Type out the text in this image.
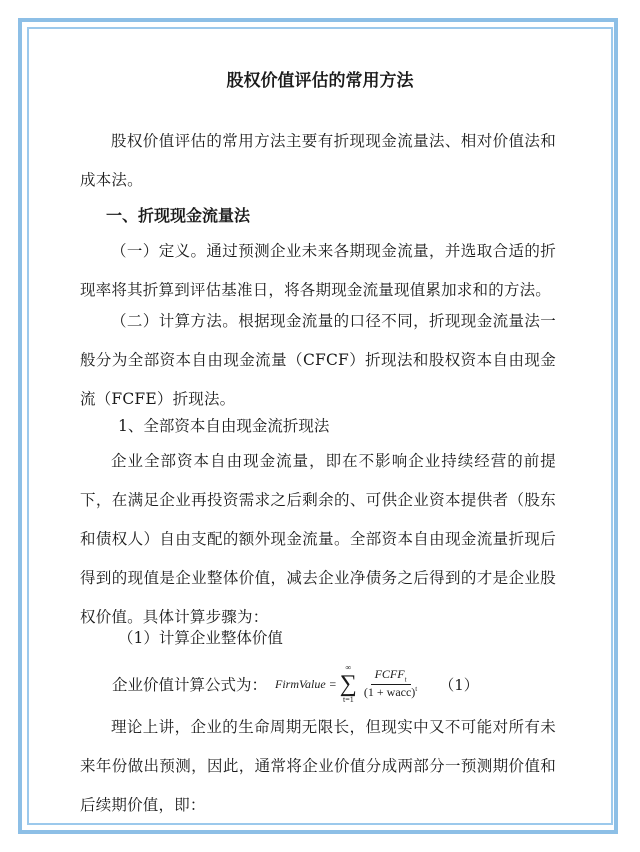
股权价值评估的常用方法
股权价值评估的常用方法主要有折现现金流量法、相对价值法和成本法。
一、折现现金流量法
（一）定义。通过预测企业未来各期现金流量，并选取合适的折现率将其折算到评估基准日，将各期现金流量现值累加求和的方法。
（二）计算方法。根据现金流量的口径不同，折现现金流量法一般分为全部资本自由现金流量（CFCF）折现法和股权资本自由现金流（FCFE）折现法。
1、全部资本自由现金流折现法
企业全部资本自由现金流量，即在不影响企业持续经营的前提下，在满足企业再投资需求之后剩余的、可供企业资本提供者（股东和债权人）自由支配的额外现金流量。全部资本自由现金流量折现后得到的现值是企业整体价值，减去企业净债务之后得到的才是企业股权价值。具体计算步骤为：
（1）计算企业整体价值
企业价值计算公式为： FirmValue =
∞
∑
$t=1 \frac{FCFF_t}{(1 + wacc)^t} (1)$
理论上讲，企业的生命周期无限长，但现实中又不可能对所有未来年份做出预测，因此，通常将企业价值分成两部分一预测期价值和后续期价值，即：
